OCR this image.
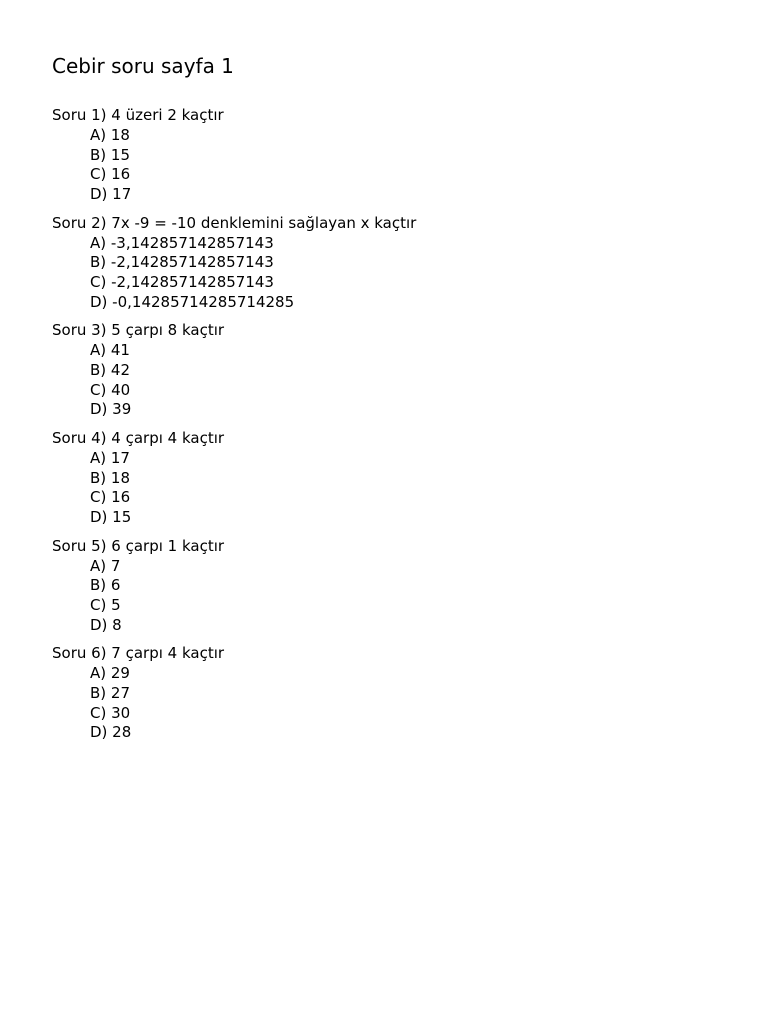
Cebir soru sayfa 1
Soru 1) 4 üzeri 2 kaçtır
A) 18
B) 15
C) 16
D) 17
Soru 2) 7x -9 = -10 denklemini sağlayan x kaçtır
A) -3,142857142857143
B) -2,142857142857143
C) -2,142857142857143
D) -0,14285714285714285
Soru 3) 5 çarpı 8 kaçtır
A) 41
B) 42
C) 40
D) 39
Soru 4) 4 çarpı 4 kaçtır
A) 17
B) 18
C) 16
D) 15
Soru 5) 6 çarpı 1 kaçtır
A) 7
B) 6
C) 5
D) 8
Soru 6) 7 çarpı 4 kaçtır
A) 29
B) 27
C) 30
D) 28
